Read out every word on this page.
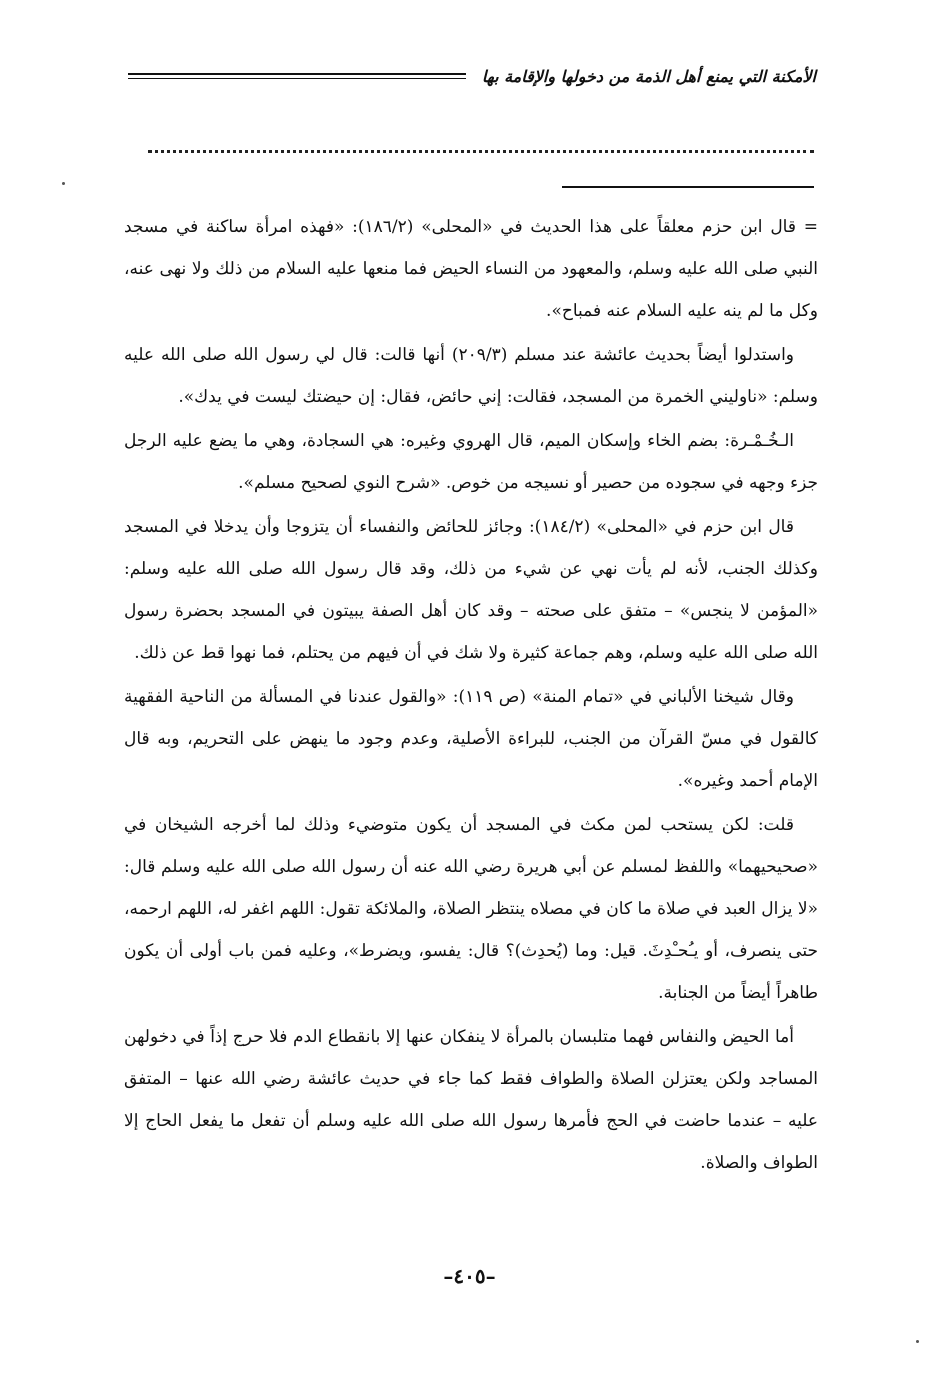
الأمكنة التي يمنع أهل الذمة من دخولها والإقامة بها

= قال ابن حزم معلقاً على هذا الحديث في «المحلى» (١٨٦/٢): «فهذه امرأة ساكنة في مسجد النبي صلى الله عليه وسلم، والمعهود من النساء الحيض فما منعها عليه السلام من ذلك ولا نهى عنه، وكل ما لم ينه عليه السلام عنه فمباح».

واستدلوا أيضاً بحديث عائشة عند مسلم (٢٠٩/٣) أنها قالت: قال لي رسول الله صلى الله عليه وسلم: «ناوليني الخمرة من المسجد، فقالت: إني حائض، فقال: إن حيضتك ليست في يدك».

الـخُـمْـرة: بضم الخاء وإسكان الميم، قال الهروي وغيره: هي السجادة، وهي ما يضع عليه الرجل جزء وجهه في سجوده من حصير أو نسيجه من خوص. «شرح النوي لصحيح مسلم».

قال ابن حزم في «المحلى» (١٨٤/٢): وجائز للحائض والنفساء أن يتزوجا وأن يدخلا في المسجد وكذلك الجنب، لأنه لم يأت نهي عن شيء من ذلك، وقد قال رسول الله صلى الله عليه وسلم: «المؤمن لا ينجس» – متفق على صحته – وقد كان أهل الصفة يبيتون في المسجد بحضرة رسول الله صلى الله عليه وسلم، وهم جماعة كثيرة ولا شك في أن فيهم من يحتلم، فما نهوا قط عن ذلك.

وقال شيخنا الألباني في «تمام المنة» (ص ١١٩): «والقول عندنا في المسألة من الناحية الفقهية كالقول في مسّ القرآن من الجنب، للبراءة الأصلية، وعدم وجود ما ينهض على التحريم، وبه قال الإمام أحمد وغيره».

قلت: لكن يستحب لمن مكث في المسجد أن يكون متوضيء وذلك لما أخرجه الشيخان في «صحيحيهما» واللفظ لمسلم عن أبي هريرة رضي الله عنه أن رسول الله صلى الله عليه وسلم قال: «لا يزال العبد في صلاة ما كان في مصلاه ينتظر الصلاة، والملائكة تقول: اللهم اغفر له، اللهم ارحمه، حتى ينصرف، أو يـُحـْدِثَ. قيل: وما (يُحدِث)؟ قال: يفسو، ويضرط»، وعليه فمن باب أولى أن يكون طاهراً أيضاً من الجنابة.

أما الحيض والنفاس فهما متلبسان بالمرأة لا ينفكان عنها إلا بانقطاع الدم فلا حرج إذاً في دخولهن المساجد ولكن يعتزلن الصلاة والطواف فقط كما جاء في حديث عائشة رضي الله عنها – المتفق عليه – عندما حاضت في الحج فأمرها رسول الله صلى الله عليه وسلم أن تفعل ما يفعل الحاج إلا الطواف والصلاة.

–٤٠٥–
